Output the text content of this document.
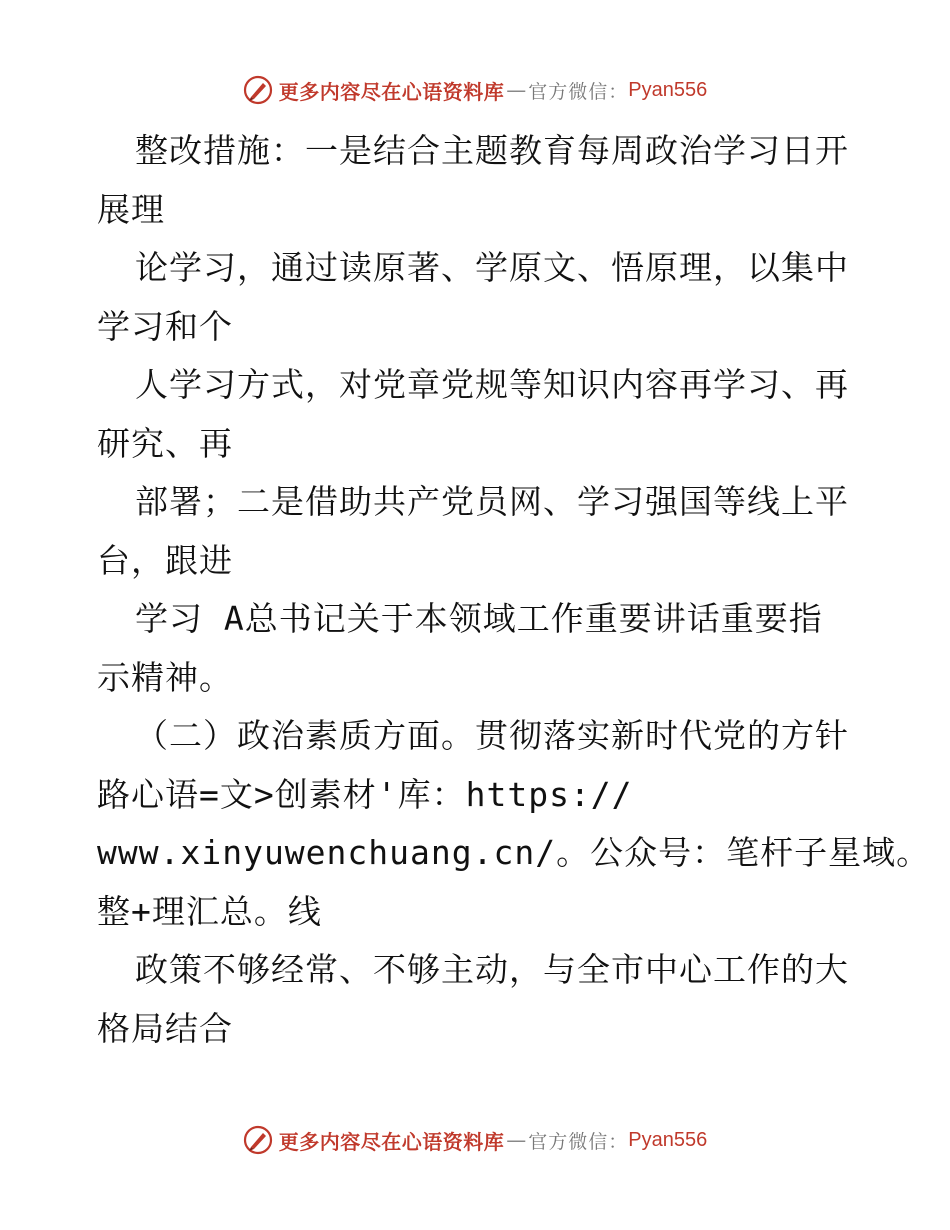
更多内容尽在心语资料库 — 官方微信： Pyan556

整改措施：一是结合主题教育每周政治学习日开

展理

论学习，通过读原著、学原文、悟原理，以集中

学习和个

人学习方式，对党章党规等知识内容再学习、再

研究、再

部署；二是借助共产党员网、学习强国等线上平

台，跟进

学习 A总书记关于本领域工作重要讲话重要指

示精神。

（二）政治素质方面。贯彻落实新时代党的方针

路心语=文>创素材'库：https://

www.xinyuwenchuang.cn/。公众号：笔杆子星域。

整+理汇总。线

政策不够经常、不够主动，与全市中心工作的大

格局结合

更多内容尽在心语资料库 — 官方微信： Pyan556
